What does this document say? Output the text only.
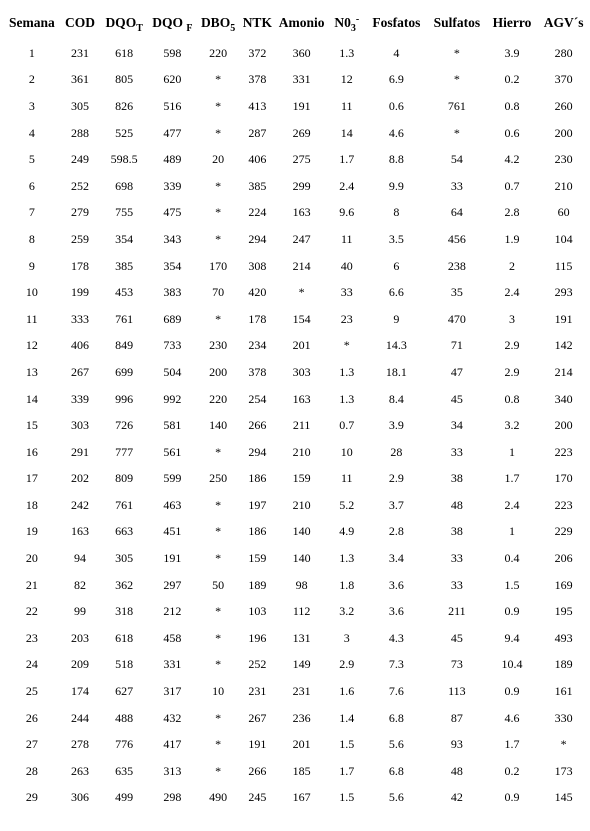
Semana	COD	$DQO_T$	DQO $_F$	$DBO_5$	NTK	Amonio	$N0_3^-$	Fosfatos	Sulfatos	Hierro	AGV´s
1	231	618	598	220	372	360	1.3	4	*	3.9	280
2	361	805	620	*	378	331	12	6.9	*	0.2	370
3	305	826	516	*	413	191	11	0.6	761	0.8	260
4	288	525	477	*	287	269	14	4.6	*	0.6	200
5	249	598.5	489	20	406	275	1.7	8.8	54	4.2	230
6	252	698	339	*	385	299	2.4	9.9	33	0.7	210
7	279	755	475	*	224	163	9.6	8	64	2.8	60
8	259	354	343	*	294	247	11	3.5	456	1.9	104
9	178	385	354	170	308	214	40	6	238	2	115
10	199	453	383	70	420	*	33	6.6	35	2.4	293
11	333	761	689	*	178	154	23	9	470	3	191
12	406	849	733	230	234	201	*	14.3	71	2.9	142
13	267	699	504	200	378	303	1.3	18.1	47	2.9	214
14	339	996	992	220	254	163	1.3	8.4	45	0.8	340
15	303	726	581	140	266	211	0.7	3.9	34	3.2	200
16	291	777	561	*	294	210	10	28	33	1	223
17	202	809	599	250	186	159	11	2.9	38	1.7	170
18	242	761	463	*	197	210	5.2	3.7	48	2.4	223
19	163	663	451	*	186	140	4.9	2.8	38	1	229
20	94	305	191	*	159	140	1.3	3.4	33	0.4	206
21	82	362	297	50	189	98	1.8	3.6	33	1.5	169
22	99	318	212	*	103	112	3.2	3.6	211	0.9	195
23	203	618	458	*	196	131	3	4.3	45	9.4	493
24	209	518	331	*	252	149	2.9	7.3	73	10.4	189
25	174	627	317	10	231	231	1.6	7.6	113	0.9	161
26	244	488	432	*	267	236	1.4	6.8	87	4.6	330
27	278	776	417	*	191	201	1.5	5.6	93	1.7	*
28	263	635	313	*	266	185	1.7	6.8	48	0.2	173
29	306	499	298	490	245	167	1.5	5.6	42	0.9	145
